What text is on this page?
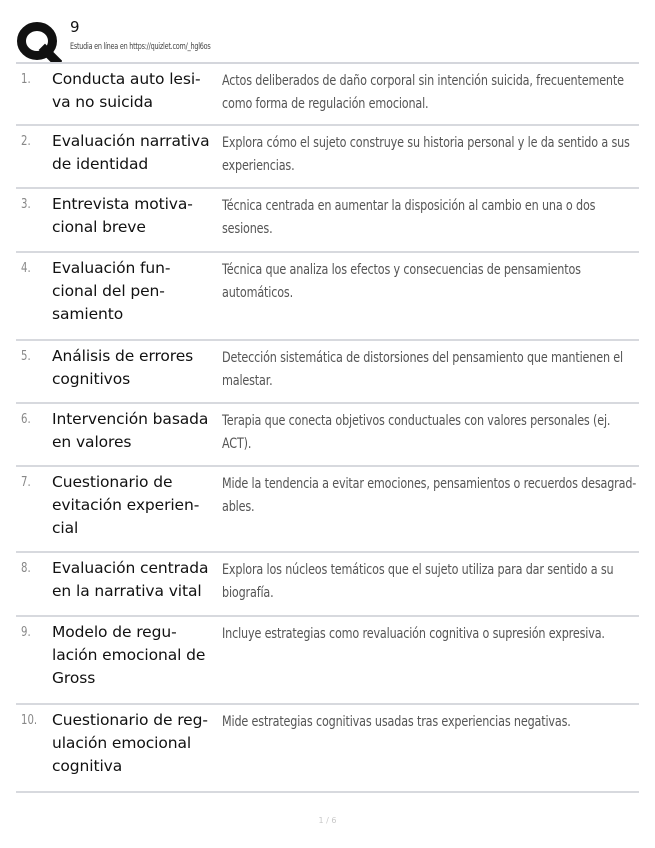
9
Estudia en línea en https://quizlet.com/_hgl6os
1. Conducta auto lesi-
va no suicida
Actos deliberados de daño corporal sin intención suicida, frecuentemente
como forma de regulación emocional.
2. Evaluación narrativa
de identidad
Explora cómo el sujeto construye su historia personal y le da sentido a sus
experiencias.
3. Entrevista motiva-
cional breve
Técnica centrada en aumentar la disposición al cambio en una o dos sesiones.
4. Evaluación fun-
cional del pen-
samiento
Técnica que analiza los efectos y consecuencias de pensamientos automáticos.
5. Análisis de errores
cognitivos
Detección sistemática de distorsiones del pensamiento que mantienen el
malestar.
6. Intervención basada
en valores
Terapia que conecta objetivos conductuales con valores personales (ej. ACT).
7. Cuestionario de
evitación experien-
cial
Mide la tendencia a evitar emociones, pensamientos o recuerdos desagrad-
ables.
8. Evaluación centrada
en la narrativa vital
Explora los núcleos temáticos que el sujeto utiliza para dar sentido a su
biografía.
9. Modelo de regu-
lación emocional de
Gross
Incluye estrategias como revaluación cognitiva o supresión expresiva.
10. Cuestionario de reg-
ulación emocional
cognitiva
Mide estrategias cognitivas usadas tras experiencias negativas.
1 / 6
